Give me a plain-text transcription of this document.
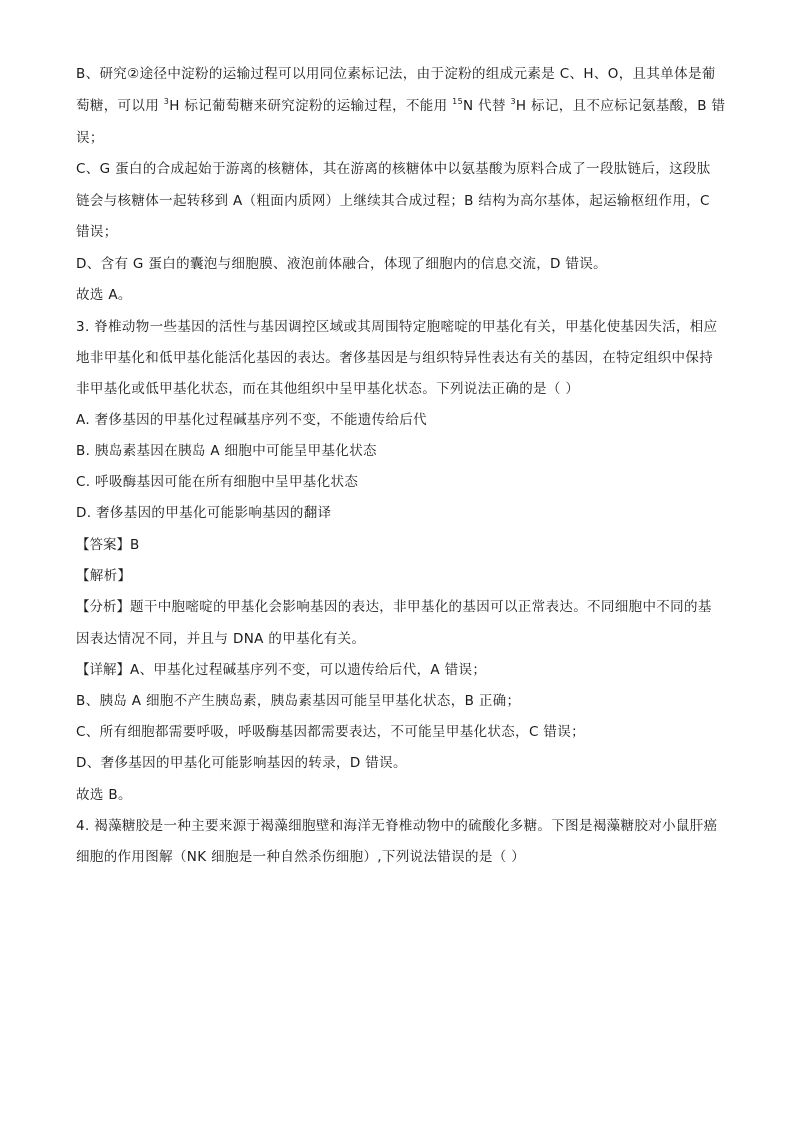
B、研究②途径中淀粉的运输过程可以用同位素标记法，由于淀粉的组成元素是 C、H、O，且其单体是葡

萄糖，可以用 $^3$H 标记葡萄糖来研究淀粉的运输过程，不能用 $^{15}$N 代替 $^3$H 标记，且不应标记氨基酸，B 错

误；

C、G 蛋白的合成起始于游离的核糖体，其在游离的核糖体中以氨基酸为原料合成了一段肽链后，这段肽

链会与核糖体一起转移到 A（粗面内质网）上继续其合成过程；B 结构为高尔基体，起运输枢纽作用，C

错误；

D、含有 G 蛋白的囊泡与细胞膜、液泡前体融合，体现了细胞内的信息交流，D 错误。

故选 A。

3. 脊椎动物一些基因的活性与基因调控区域或其周围特定胞嘧啶的甲基化有关，甲基化使基因失活，相应

地非甲基化和低甲基化能活化基因的表达。奢侈基因是与组织特异性表达有关的基因，在特定组织中保持

非甲基化或低甲基化状态，而在其他组织中呈甲基化状态。下列说法正确的是（ ）

A. 奢侈基因的甲基化过程碱基序列不变，不能遗传给后代

B. 胰岛素基因在胰岛 A 细胞中可能呈甲基化状态

C. 呼吸酶基因可能在所有细胞中呈甲基化状态

D. 奢侈基因的甲基化可能影响基因的翻译

【答案】B

【解析】

【分析】题干中胞嘧啶的甲基化会影响基因的表达，非甲基化的基因可以正常表达。不同细胞中不同的基

因表达情况不同，并且与 DNA 的甲基化有关。

【详解】A、甲基化过程碱基序列不变，可以遗传给后代，A 错误；

B、胰岛 A 细胞不产生胰岛素，胰岛素基因可能呈甲基化状态，B 正确；

C、所有细胞都需要呼吸，呼吸酶基因都需要表达，不可能呈甲基化状态，C 错误；

D、奢侈基因的甲基化可能影响基因的转录，D 错误。

故选 B。

4. 褐藻糖胶是一种主要来源于褐藻细胞壁和海洋无脊椎动物中的硫酸化多糖。下图是褐藻糖胶对小鼠肝癌

细胞的作用图解（NK 细胞是一种自然杀伤细胞）,下列说法错误的是（ ）
